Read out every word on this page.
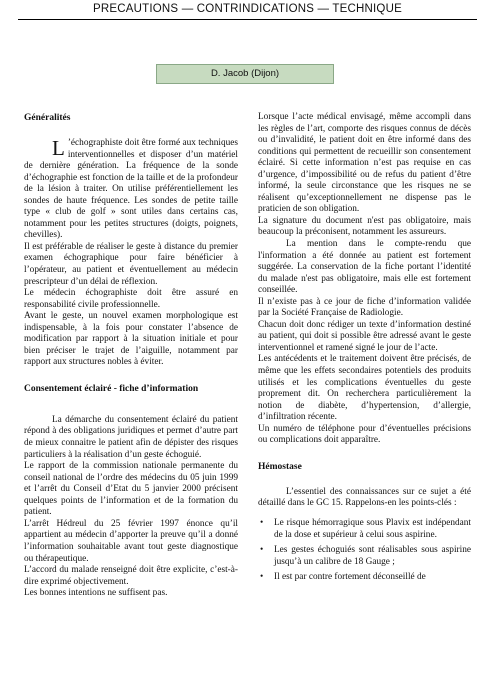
PRECAUTIONS — CONTRINDICATIONS — TECHNIQUE
D. Jacob (Dijon)
Généralités

L ’échographiste doit être formé aux techniques interventionnelles et disposer d’un matériel de dernière génération. La fréquence de la sonde d’échographie est fonction de la taille et de la profondeur de la lésion à traiter. On utilise préférentiellement les sondes de haute fréquence. Les sondes de petite taille type « club de golf » sont utiles dans certains cas, notamment pour les petites structures (doigts, poignets, chevilles).

Il est préférable de réaliser le geste à distance du premier examen échographique pour faire bénéficier à l’opérateur, au patient et éventuellement au médecin prescripteur d’un délai de réflexion.

Le médecin échographiste doit être assuré en responsabilité civile professionnelle.

Avant le geste, un nouvel examen morphologique est indispensable, à la fois pour constater l’absence de modification par rapport à la situation initiale et pour bien préciser le trajet de l’aiguille, notamment par rapport aux structures nobles à éviter.

Consentement éclairé - fiche d’information

La démarche du consentement éclairé du patient répond à des obligations juridiques et permet d’autre part de mieux connaitre le patient afin de dépister des risques particuliers à la réalisation d’un geste échoguié.

Le rapport de la commission nationale permanente du conseil national de l’ordre des médecins du 05 juin 1999 et l’arrêt du Conseil d’Etat du 5 janvier 2000 précisent quelques points de l’information et de la formation du patient.

L’arrêt Hédreul du 25 février 1997 énonce qu’il appartient au médecin d’apporter la preuve qu’il a donné l’information souhaitable avant tout geste diagnostique ou thérapeutique.

L’accord du malade renseigné doit être explicite, c’est-à-dire exprimé objectivement.

Les bonnes intentions ne suffisent pas.

Lorsque l’acte médical envisagé, même accompli dans les règles de l’art, comporte des risques connus de décès ou d’invalidité, le patient doit en être informé dans des conditions qui permettent de recueillir son consentement éclairé. Si cette information n’est pas requise en cas d’urgence, d’impossibilité ou de refus du patient d’être informé, la seule circonstance que les risques ne se réalisent qu’exceptionnellement ne dispense pas le praticien de son obligation.

La signature du document n'est pas obligatoire, mais beaucoup la préconisent, notamment les assureurs.

La mention dans le compte-rendu que l'information a été donnée au patient est fortement suggérée. La conservation de la fiche portant l’identité du malade n'est pas obligatoire, mais elle est fortement conseillée.

Il n’existe pas à ce jour de fiche d’information validée par la Société Française de Radiologie.

Chacun doit donc rédiger un texte d’information destiné au patient, qui doit si possible être adressé avant le geste interventionnel et ramené signé le jour de l’acte.

Les antécédents et le traitement doivent être précisés, de même que les effets secondaires potentiels des produits utilisés et les complications éventuelles du geste proprement dit. On recherchera particulièrement la notion de diabète, d’hypertension, d’allergie, d’infiltration récente.

Un numéro de téléphone pour d’éventuelles précisions ou complications doit apparaître.

Hémostase

L’essentiel des connaissances sur ce sujet a été détaillé dans le GC 15. Rappelons-en les points-clés :

• Le risque hémorragique sous Plavix est indépendant de la dose et supérieur à celui sous aspirine.
• Les gestes échoguiés sont réalisables sous aspirine jusqu’à un calibre de 18 Gauge ;
• Il est par contre fortement déconseillé de
